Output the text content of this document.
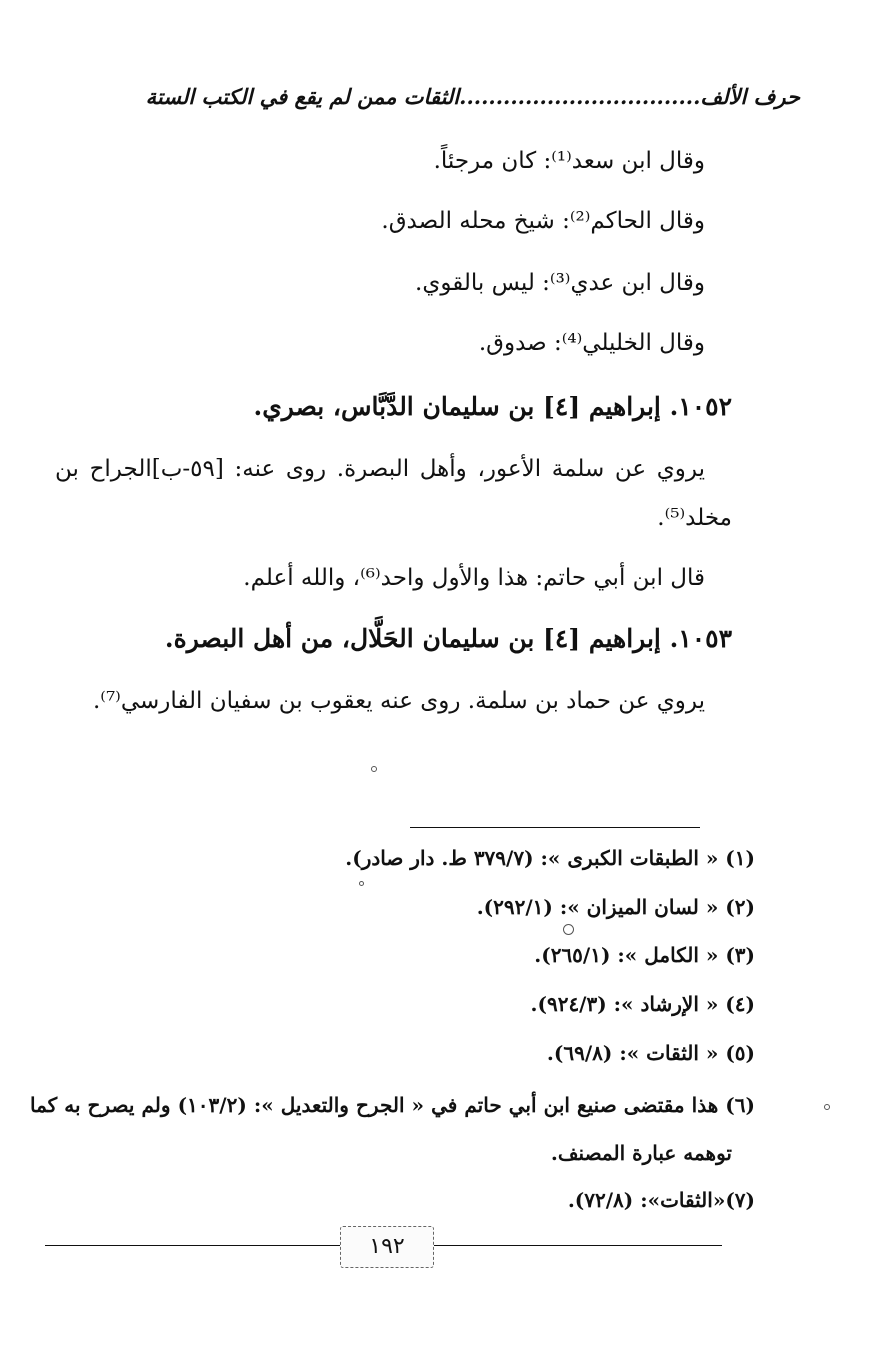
حرف الألف.................................الثقات ممن لم يقع في الكتب الستة
وقال ابن سعد⁽¹⁾: كان مرجئاً.
وقال الحاكم⁽²⁾: شيخ محله الصدق.
وقال ابن عدي⁽³⁾: ليس بالقوي.
وقال الخليلي⁽⁴⁾: صدوق.
١٠٥٢. إبراهيم [٤] بن سليمان الدَّبَّاس، بصري.
يروي عن سلمة الأعور، وأهل البصرة. روى عنه: [٥٩-ب]الجراح بن
مخلد⁽⁵⁾.
قال ابن أبي حاتم: هذا والأول واحد⁽⁶⁾، والله أعلم.
١٠٥٣. إبراهيم [٤] بن سليمان الحَلَّال، من أهل البصرة.
يروي عن حماد بن سلمة. روى عنه يعقوب بن سفيان الفارسي⁽⁷⁾.
(١) « الطبقات الكبرى »: (٣٧٩/٧ ط. دار صادر).
(٢) « لسان الميزان »: (٢٩٢/١).
(٣) « الكامل »: (٢٦٥/١).
(٤) « الإرشاد »: (٩٢٤/٣).
(٥) « الثقات »: (٦٩/٨).
(٦) هذا مقتضى صنيع ابن أبي حاتم في « الجرح والتعديل »: (١٠٣/٢) ولم يصرح به كما
توهمه عبارة المصنف.
(٧)«الثقات»: (٧٢/٨).
١٩٢
